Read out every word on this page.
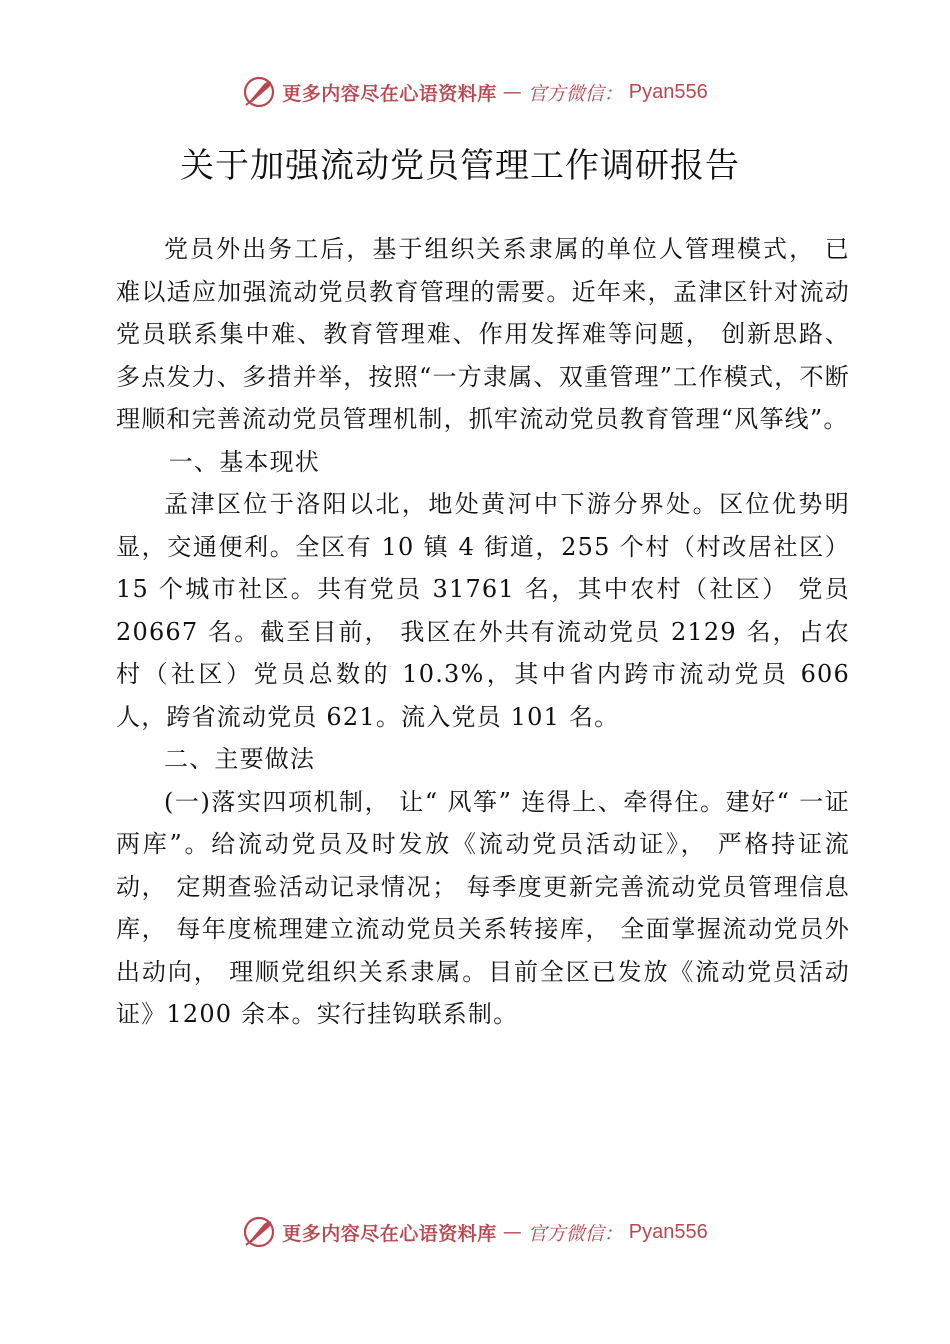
更多内容尽在心语资料库 — 官方微信： Pyan556
关于加强流动党员管理工作调研报告

党员外出务工后，基于组织关系隶属的单位人管理模式， 已难以适应加强流动党员教育管理的需要。近年来，孟津区针对流动党员联系集中难、教育管理难、作用发挥难等问题， 创新思路、多点发力、多措并举，按照“一方隶属、双重管理”工作模式，不断理顺和完善流动党员管理机制，抓牢流动党员教育管理“风筝线”。

一、基本现状

孟津区位于洛阳以北，地处黄河中下游分界处。区位优势明显，交通便利。全区有 10 镇 4 街道，255 个村（村改居社区）15 个城市社区。共有党员 31761 名，其中农村（社区） 党员 20667 名。截至目前， 我区在外共有流动党员 2129 名，占农村（社区）党员总数的 10.3%，其中省内跨市流动党员 606 人，跨省流动党员 621。流入党员 101 名。

二、主要做法

(一)落实四项机制， 让“ 风筝” 连得上、牵得住。建好“ 一证两库”。给流动党员及时发放《流动党员活动证》， 严格持证流动， 定期查验活动记录情况； 每季度更新完善流动党员管理信息库， 每年度梳理建立流动党员关系转接库， 全面掌握流动党员外出动向， 理顺党组织关系隶属。目前全区已发放《流动党员活动证》1200 余本。实行挂钩联系制。

更多内容尽在心语资料库 — 官方微信： Pyan556
